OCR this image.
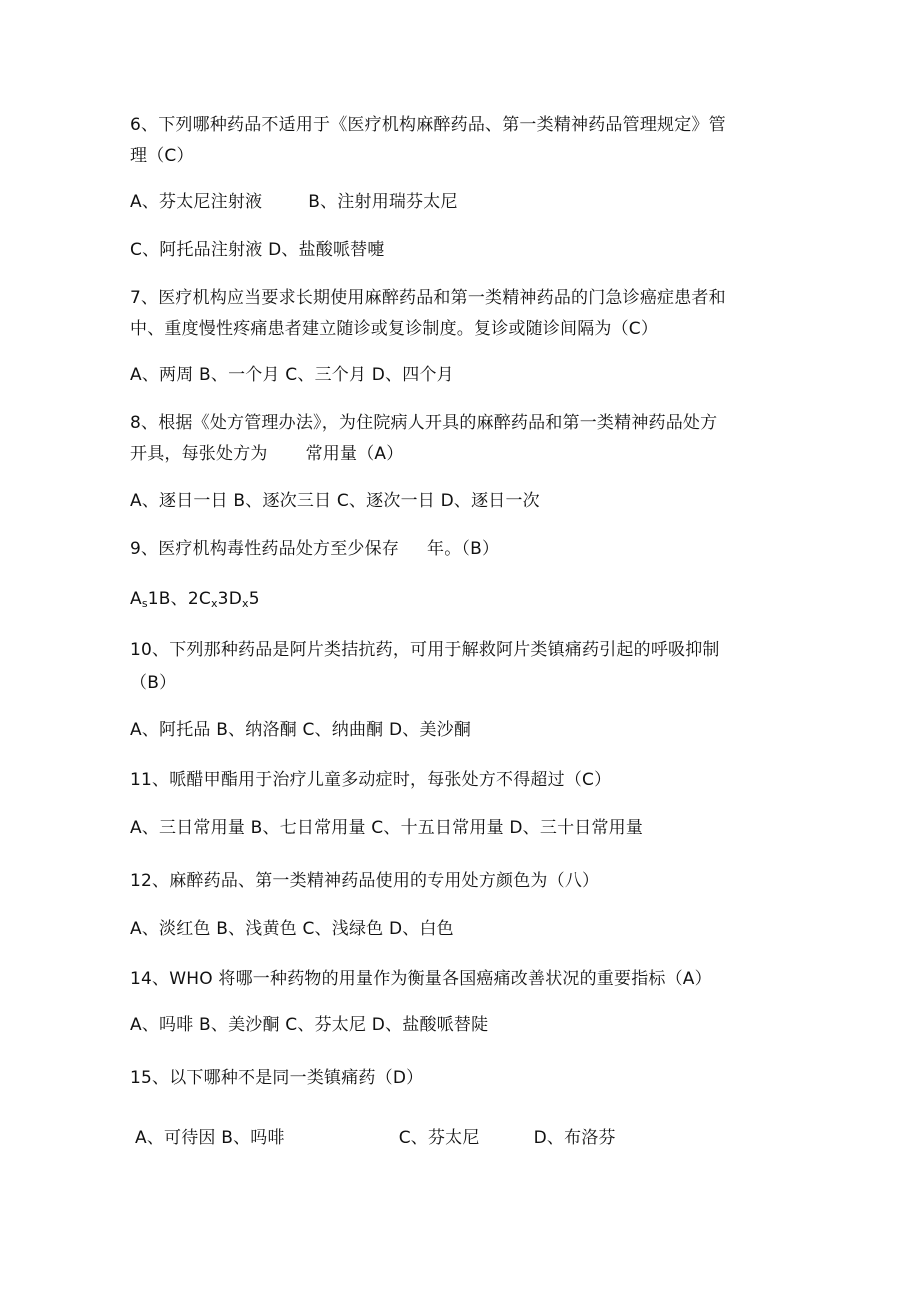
6、下列哪种药品不适用于《医疗机构麻醉药品、第一类精神药品管理规定》管
理（C）
A、芬太尼注射液	B、注射用瑞芬太尼
C、阿托品注射液 D、盐酸哌替嚏
7、医疗机构应当要求长期使用麻醉药品和第一类精神药品的门急诊癌症患者和
中、重度慢性疼痛患者建立随诊或复诊制度。复诊或随诊间隔为（C）
A、两周 B、一个月 C、三个月 D、四个月
8、根据《处方管理办法》，为住院病人开具的麻醉药品和第一类精神药品处方
开具，每张处方为 常用量（A）
A、逐日一日 B、逐次三日 C、逐次一日 D、逐日一次
9、医疗机构毒性药品处方至少保存 年。（B）
$A_s1B$、$2C_x3D_x5$
10、下列那种药品是阿片类拮抗药，可用于解救阿片类镇痛药引起的呼吸抑制
（B）
A、阿托品 B、纳洛酮 C、纳曲酮 D、美沙酮
11、哌醋甲酯用于治疗儿童多动症时，每张处方不得超过（C）
A、三日常用量 B、七日常用量 C、十五日常用量 D、三十日常用量
12、麻醉药品、第一类精神药品使用的专用处方颜色为（八）
A、淡红色 B、浅黄色 C、浅绿色 D、白色
14、WHO 将哪一种药物的用量作为衡量各国癌痛改善状况的重要指标（A）
A、吗啡 B、美沙酮 C、芬太尼 D、盐酸哌替陡
15、以下哪种不是同一类镇痛药（D）
A、可待因 B、吗啡	C、芬太尼	D、布洛芬
